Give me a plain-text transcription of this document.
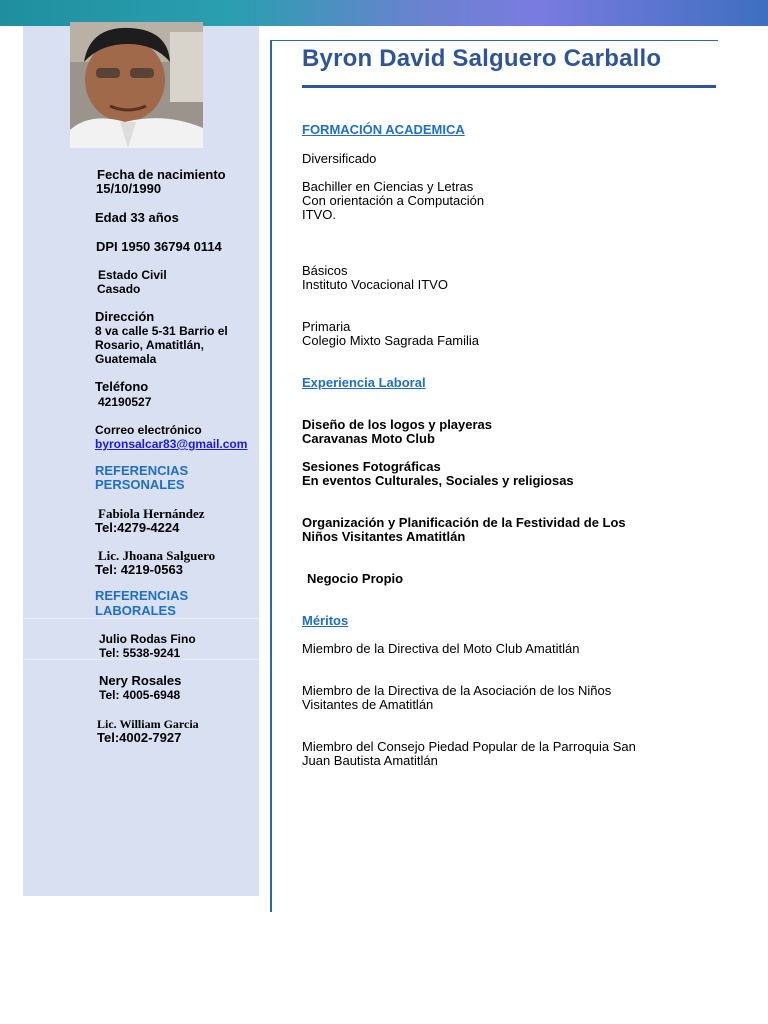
Byron David Salguero Carballo
Fecha de nacimiento
15/10/1990
Edad 33 años
DPI 1950 36794 0114
Estado Civil
Casado
Dirección
8 va calle 5-31 Barrio el
Rosario, Amatitlán,
Guatemala
Teléfono
42190527
Correo electrónico
byronsalcar83@gmail.com
REFERENCIAS
PERSONALES
Fabiola Hernández
Tel:4279-4224
Lic. Jhoana Salguero
Tel: 4219-0563
REFERENCIAS
LABORALES
Julio Rodas Fino
Tel: 5538-9241
Nery Rosales
Tel: 4005-6948
Lic. William Garcia
Tel:4002-7927
FORMACIÓN ACADEMICA
Diversificado
Bachiller en Ciencias y Letras
Con orientación a Computación
ITVO.
Básicos
Instituto Vocacional ITVO
Primaria
Colegio Mixto Sagrada Familia
Experiencia Laboral
Diseño de los logos y playeras
Caravanas Moto Club
Sesiones Fotográficas
En eventos Culturales, Sociales y religiosas
Organización y Planificación de la Festividad de Los
Niños Visitantes Amatitlán
Negocio Propio
Méritos
Miembro de la Directiva del Moto Club Amatitlán
Miembro de la Directiva de la Asociación de los Niños
Visitantes de Amatitlán
Miembro del Consejo Piedad Popular de la Parroquia San
Juan Bautista Amatitlán
